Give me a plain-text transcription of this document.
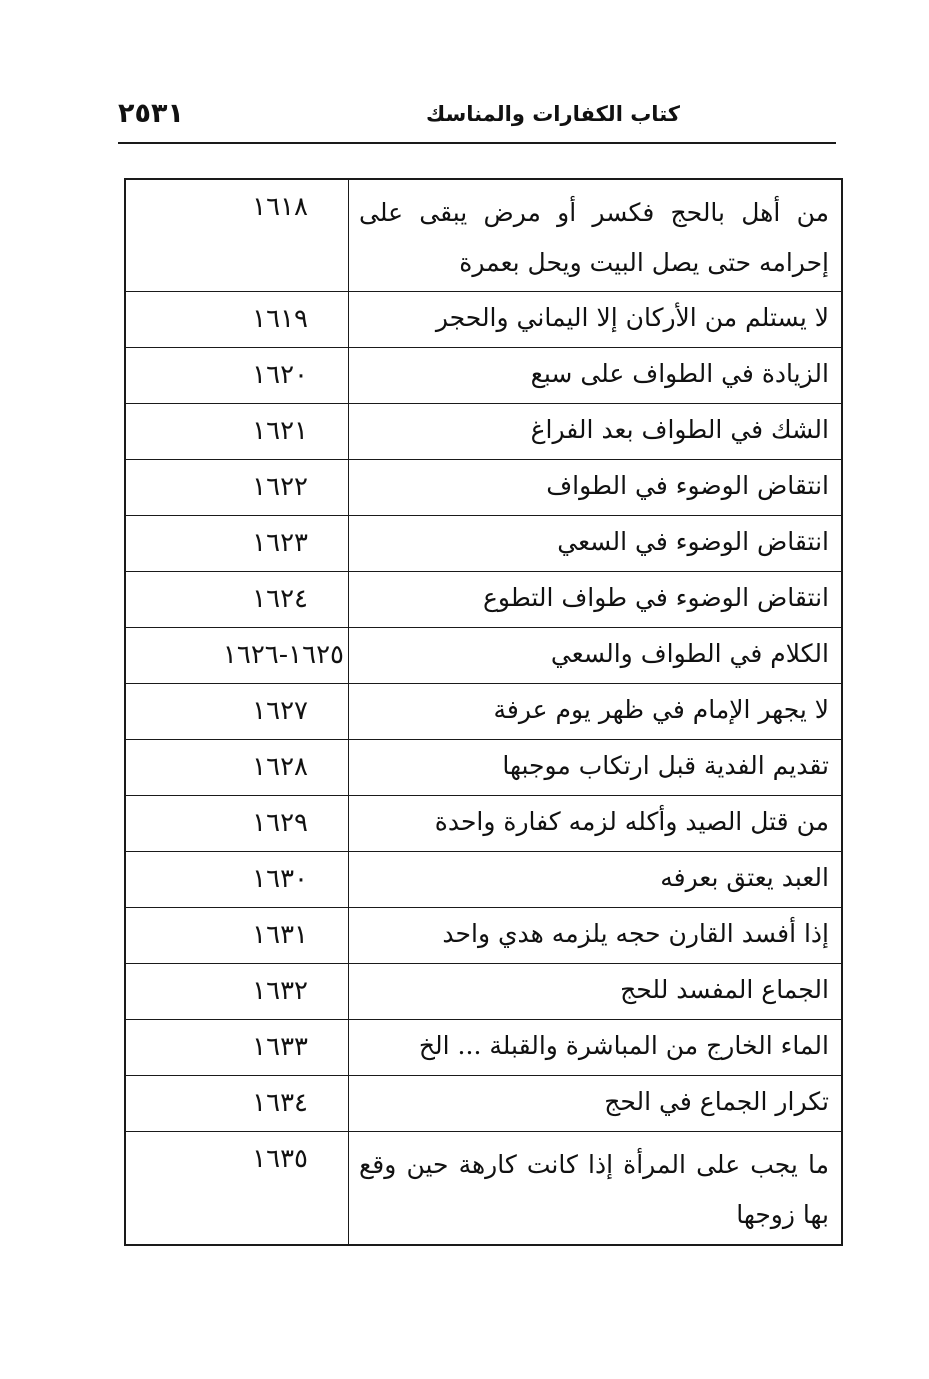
٢٥٣١	كتاب الكفارات والمناسك
من أهل بالحج فكسر أو مرض يبقى على إحرامه حتى يصل البيت ويحل بعمرة
١٦١٨
لا يستلم من الأركان إلا اليماني والحجر
١٦١٩
الزيادة في الطواف على سبع
١٦٢٠
الشك في الطواف بعد الفراغ
١٦٢١
انتقاض الوضوء في الطواف
١٦٢٢
انتقاض الوضوء في السعي
١٦٢٣
انتقاض الوضوء في طواف التطوع
١٦٢٤
الكلام في الطواف والسعي
١٦٢٥-١٦٢٦
لا يجهر الإمام في ظهر يوم عرفة
١٦٢٧
تقديم الفدية قبل ارتكاب موجبها
١٦٢٨
من قتل الصيد وأكله لزمه كفارة واحدة
١٦٢٩
العبد يعتق بعرفه
١٦٣٠
إذا أفسد القارن حجه يلزمه هدي واحد
١٦٣١
الجماع المفسد للحج
١٦٣٢
الماء الخارج من المباشرة والقبلة ... الخ
١٦٣٣
تكرار الجماع في الحج
١٦٣٤
ما يجب على المرأة إذا كانت كارهة حين وقع بها زوجها
١٦٣٥
